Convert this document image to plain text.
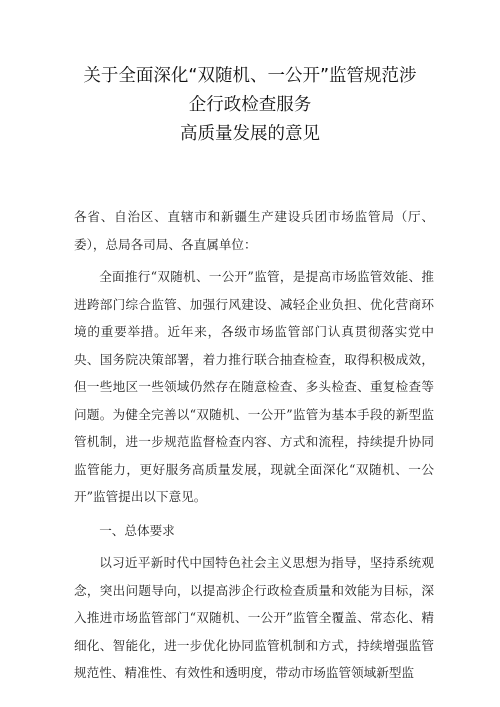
关于全面深化“双随机、一公开”监管规范涉
企行政检查服务
高质量发展的意见

各省、自治区、直辖市和新疆生产建设兵团市场监管局（厅、委），总局各司局、各直属单位：

全面推行“双随机、一公开”监管，是提高市场监管效能、推进跨部门综合监管、加强行风建设、减轻企业负担、优化营商环境的重要举措。近年来，各级市场监管部门认真贯彻落实党中央、国务院决策部署，着力推行联合抽查检查，取得积极成效，但一些地区一些领域仍然存在随意检查、多头检查、重复检查等问题。为健全完善以“双随机、一公开”监管为基本手段的新型监管机制，进一步规范监督检查内容、方式和流程，持续提升协同监管能力，更好服务高质量发展，现就全面深化“双随机、一公开”监管提出以下意见。

一、总体要求

以习近平新时代中国特色社会主义思想为指导，坚持系统观念，突出问题导向，以提高涉企行政检查质量和效能为目标，深入推进市场监管部门“双随机、一公开”监管全覆盖、常态化、精细化、智能化，进一步优化协同监管机制和方式，持续增强监管规范性、精准性、有效性和透明度，带动市场监管领域新型监
